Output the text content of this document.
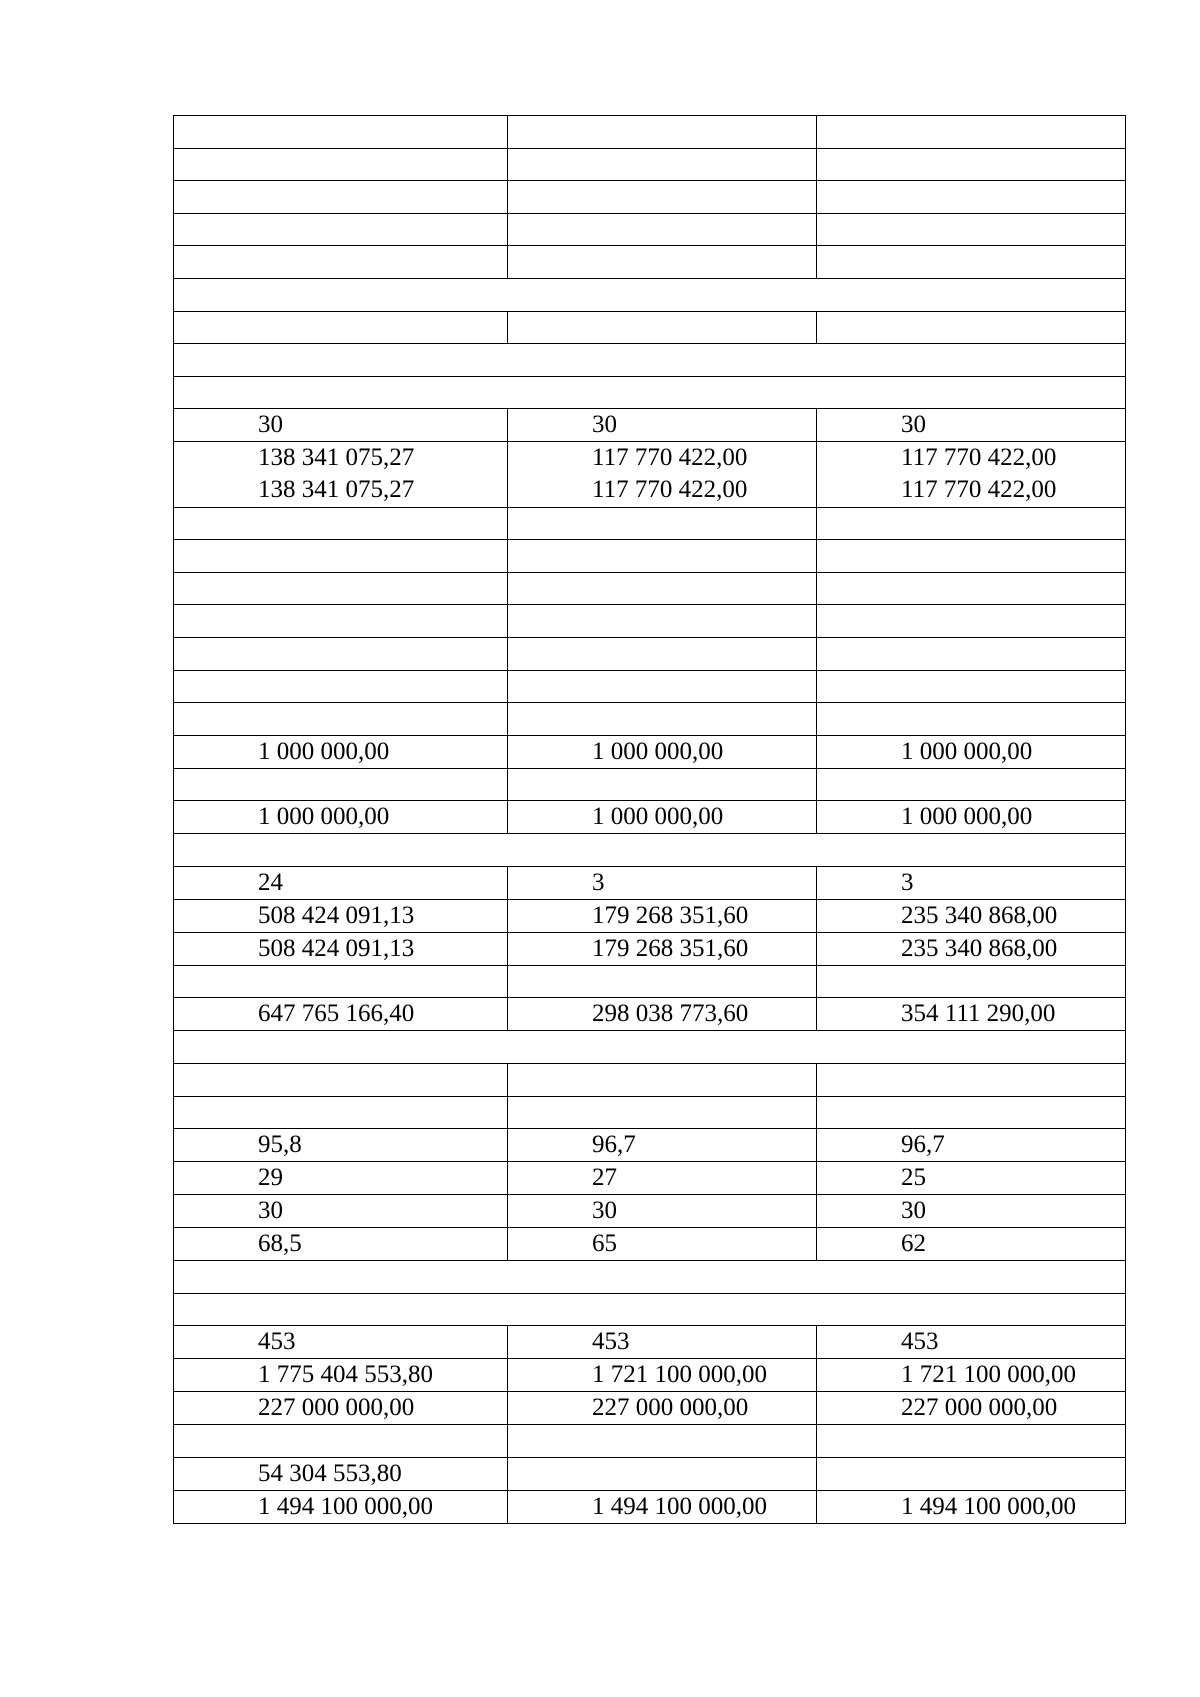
30	30	30
138 341 075,27	117 770 422,00	117 770 422,00
138 341 075,27	117 770 422,00	117 770 422,00

1 000 000,00	1 000 000,00	1 000 000,00

1 000 000,00	1 000 000,00	1 000 000,00

24	3	3
508 424 091,13	179 268 351,60	235 340 868,00
508 424 091,13	179 268 351,60	235 340 868,00

647 765 166,40	298 038 773,60	354 111 290,00

95,8	96,7	96,7
29	27	25
30	30	30
68,5	65	62

453	453	453
1 775 404 553,80	1 721 100 000,00	1 721 100 000,00
227 000 000,00	227 000 000,00	227 000 000,00

54 304 553,80		
1 494 100 000,00	1 494 100 000,00	1 494 100 000,00
